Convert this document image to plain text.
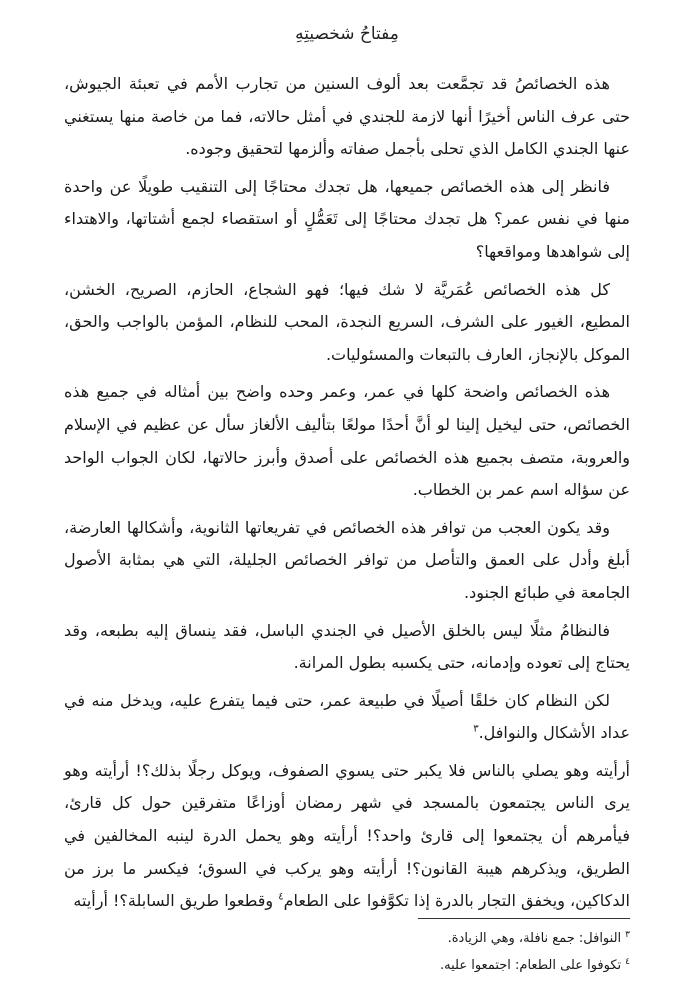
مِفتاحُ شخصيتِهِ

هذه الخصائصُ قد تجمَّعت بعد ألوف السنين من تجارب الأمم في تعبئة الجيوش، حتى عرف الناس أخيرًا أنها لازمة للجندي في أمثل حالاته، فما من خاصة منها يستغني عنها الجندي الكامل الذي تحلى بأجمل صفاته وألزمها لتحقيق وجوده.

فانظر إلى هذه الخصائص جميعها، هل تجدك محتاجًا إلى التنقيب طويلًا عن واحدة منها في نفس عمر؟ هل تجدك محتاجًا إلى تَعَمُّلٍ أو استقصاء لجمع أشتاتها، والاهتداء إلى شواهدها ومواقعها؟

كل هذه الخصائص عُمَريَّة لا شك فيها؛ فهو الشجاع، الحازم، الصريح، الخشن، المطيع، الغيور على الشرف، السريع النجدة، المحب للنظام، المؤمن بالواجب والحق، الموكل بالإنجاز، العارف بالتبعات والمسئوليات.

هذه الخصائص واضحة كلها في عمر، وعمر وحده واضح بين أمثاله في جميع هذه الخصائص، حتى ليخيل إلينا لو أنَّ أحدًا مولعًا بتأليف الألغاز سأل عن عظيم في الإسلام والعروبة، متصف بجميع هذه الخصائص على أصدق وأبرز حالاتها، لكان الجواب الواحد عن سؤاله اسم عمر بن الخطاب.

وقد يكون العجب من توافر هذه الخصائص في تفريعاتها الثانوية، وأشكالها العارضة، أبلغ وأدل على العمق والتأصل من توافر الخصائص الجليلة، التي هي بمثابة الأصول الجامعة في طبائع الجنود.

فالنظامُ مثلًا ليس بالخلق الأصيل في الجندي الباسل، فقد ينساق إليه بطبعه، وقد يحتاج إلى تعوده وإدمانه، حتى يكسبه بطول المرانة.

لكن النظام كان خلقًا أصيلًا في طبيعة عمر، حتى فيما يتفرع عليه، ويدخل منه في عداد الأشكال والنوافل.$^٣$

أرأيته وهو يصلي بالناس فلا يكبر حتى يسوي الصفوف، ويوكل رجلًا بذلك؟! أرأيته وهو يرى الناس يجتمعون بالمسجد في شهر رمضان أوزاعًا متفرقين حول كل قارئ، فيأمرهم أن يجتمعوا إلى قارئ واحد؟! أرأيته وهو يحمل الدرة لينبه المخالفين في الطريق، ويذكرهم هيبة القانون؟! أرأيته وهو يركب في السوق؛ فيكسر ما برز من الدكاكين، ويخفق التجار بالدرة إذا تكوَّفوا على الطعام$^٤$ وقطعوا طريق السابلة؟! أرأيته

$^٣$النوافل: جمع نافلة، وهي الزيادة.

$^٤$تكوفوا على الطعام: اجتمعوا عليه.
